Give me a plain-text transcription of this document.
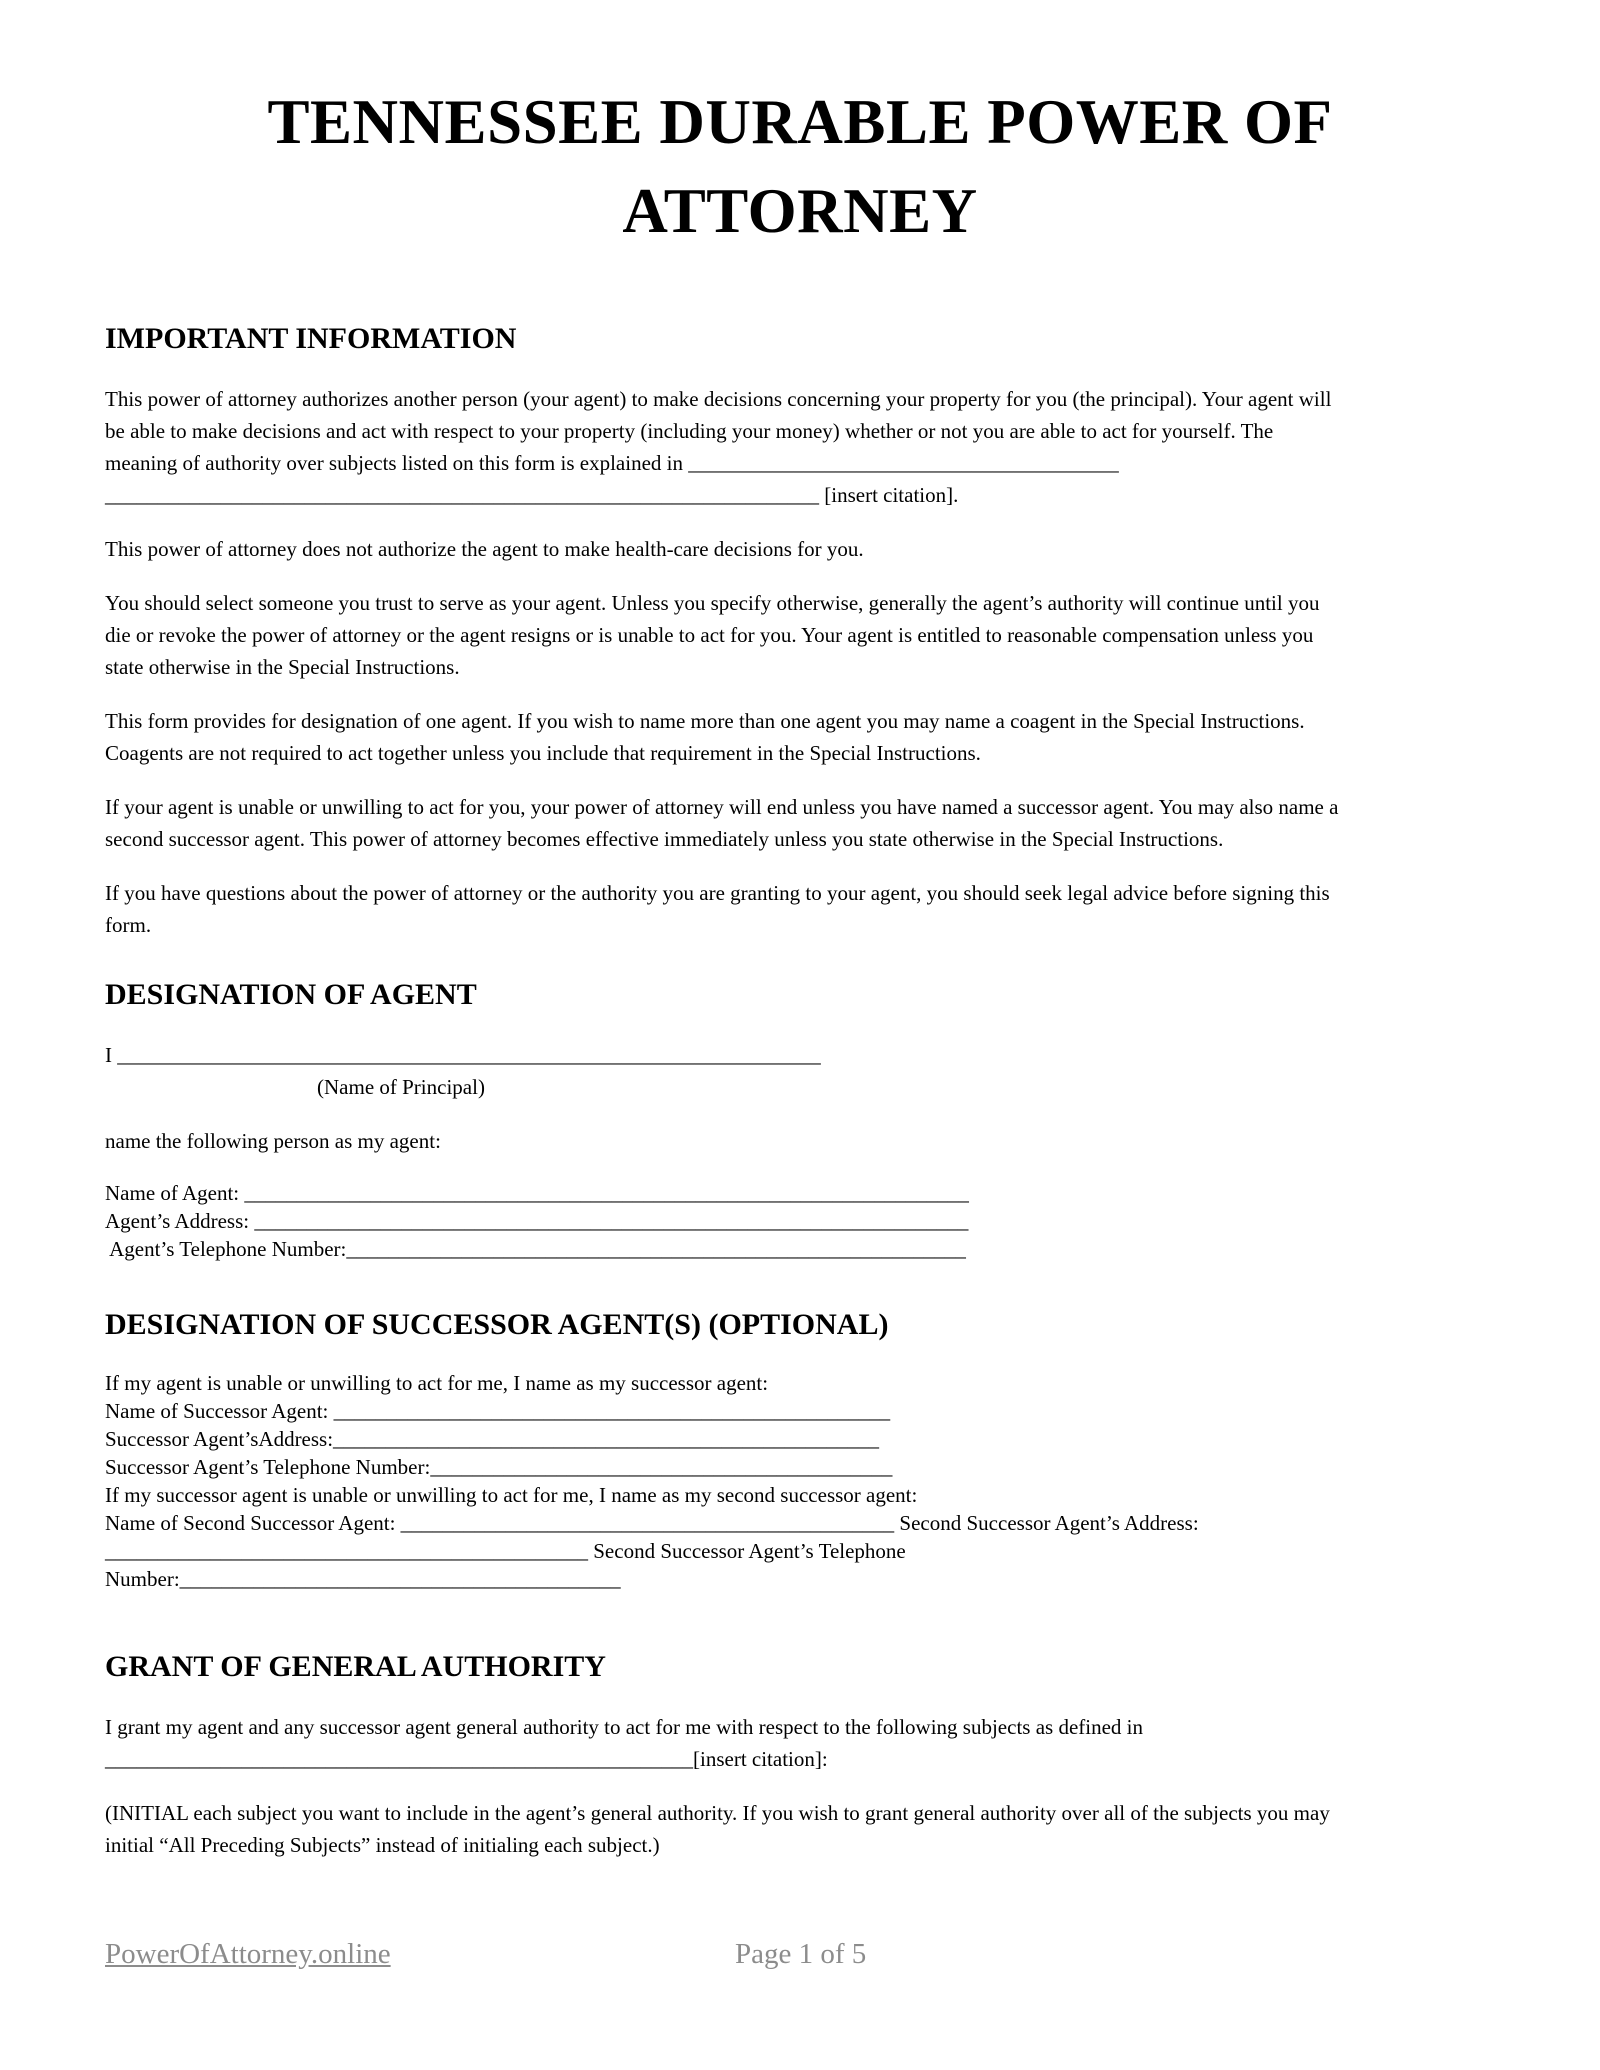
TENNESSEE DURABLE POWER OF
ATTORNEY
IMPORTANT INFORMATION
This power of attorney authorizes another person (your agent) to make decisions concerning your property for you (the principal). Your agent will
be able to make decisions and act with respect to your property (including your money) whether or not you are able to act for yourself. The
meaning of authority over subjects listed on this form is explained in _________________________________________
____________________________________________________________________ [insert citation].
This power of attorney does not authorize the agent to make health-care decisions for you.
You should select someone you trust to serve as your agent. Unless you specify otherwise, generally the agent’s authority will continue until you
die or revoke the power of attorney or the agent resigns or is unable to act for you. Your agent is entitled to reasonable compensation unless you
state otherwise in the Special Instructions.
This form provides for designation of one agent. If you wish to name more than one agent you may name a coagent in the Special Instructions.
Coagents are not required to act together unless you include that requirement in the Special Instructions.
If your agent is unable or unwilling to act for you, your power of attorney will end unless you have named a successor agent. You may also name a
second successor agent. This power of attorney becomes effective immediately unless you state otherwise in the Special Instructions.
If you have questions about the power of attorney or the authority you are granting to your agent, you should seek legal advice before signing this
form.
DESIGNATION OF AGENT
I ___________________________________________________________________
(Name of Principal)
name the following person as my agent:
Name of Agent: _____________________________________________________________________
Agent’s Address: ____________________________________________________________________
Agent’s Telephone Number:___________________________________________________________
DESIGNATION OF SUCCESSOR AGENT(S) (OPTIONAL)
If my agent is unable or unwilling to act for me, I name as my successor agent:
Name of Successor Agent: _____________________________________________________
Successor Agent’sAddress:____________________________________________________
Successor Agent’s Telephone Number:____________________________________________
If my successor agent is unable or unwilling to act for me, I name as my second successor agent:
Name of Second Successor Agent: _______________________________________________ Second Successor Agent’s Address:
______________________________________________ Second Successor Agent’s Telephone
Number:__________________________________________
GRANT OF GENERAL AUTHORITY
I grant my agent and any successor agent general authority to act for me with respect to the following subjects as defined in
________________________________________________________[insert citation]:
(INITIAL each subject you want to include in the agent’s general authority. If you wish to grant general authority over all of the subjects you may
initial “All Preceding Subjects” instead of initialing each subject.)
PowerOfAttorney.online	Page 1 of 5
